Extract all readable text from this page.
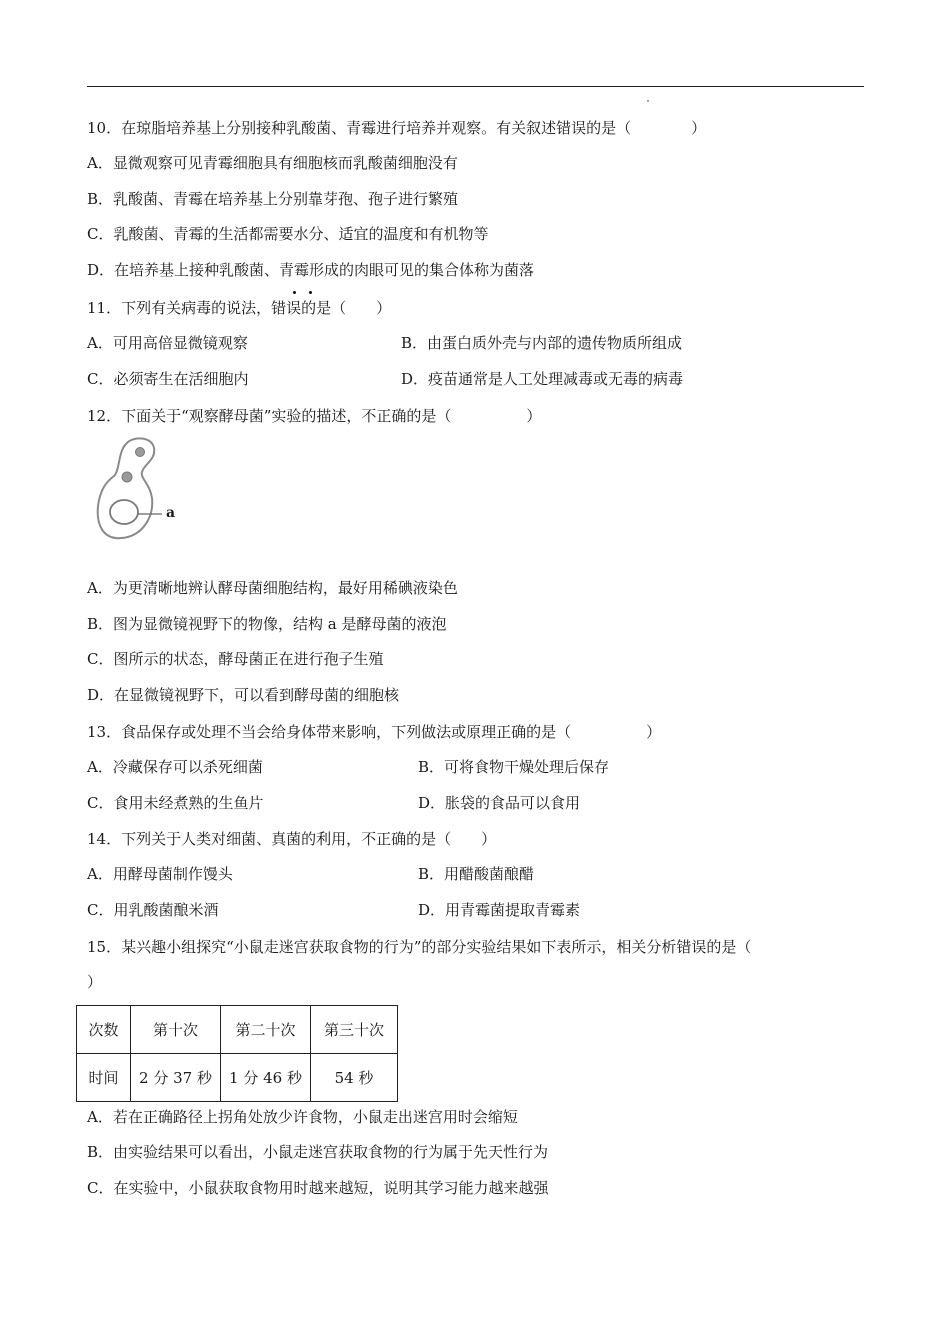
10．在琼脂培养基上分别接种乳酸菌、青霉进行培养并观察。有关叙述错误的是（　　　　）
A．显微观察可见青霉细胞具有细胞核而乳酸菌细胞没有
B．乳酸菌、青霉在培养基上分别靠芽孢、孢子进行繁殖
C．乳酸菌、青霉的生活都需要水分、适宜的温度和有机物等
D．在培养基上接种乳酸菌、青霉形成的肉眼可见的集合体称为菌落
11．下列有关病毒的说法，错误的是（　　）
A．可用高倍显微镜观察	B．由蛋白质外壳与内部的遗传物质所组成
C．必须寄生在活细胞内	D．疫苗通常是人工处理减毒或无毒的病毒
12．下面关于“观察酵母菌”实验的描述，不正确的是（　　　　　）
a
A．为更清晰地辨认酵母菌细胞结构，最好用稀碘液染色
B．图为显微镜视野下的物像，结构 a 是酵母菌的液泡
C．图所示的状态，酵母菌正在进行孢子生殖
D．在显微镜视野下，可以看到酵母菌的细胞核
13．食品保存或处理不当会给身体带来影响，下列做法或原理正确的是（　　　　　）
A．冷藏保存可以杀死细菌	B．可将食物干燥处理后保存
C．食用未经煮熟的生鱼片	D．胀袋的食品可以食用
14．下列关于人类对细菌、真菌的利用，不正确的是（　　）
A．用酵母菌制作馒头	B．用醋酸菌酿醋
C．用乳酸菌酿米酒	D．用青霉菌提取青霉素
15．某兴趣小组探究“小鼠走迷宫获取食物的行为”的部分实验结果如下表所示，相关分析错误的是（
）
次数	第十次	第二十次	第三十次
时间	2 分 37 秒	1 分 46 秒	54 秒
A．若在正确路径上拐角处放少许食物，小鼠走出迷宫用时会缩短
B．由实验结果可以看出，小鼠走迷宫获取食物的行为属于先天性行为
C．在实验中，小鼠获取食物用时越来越短，说明其学习能力越来越强
